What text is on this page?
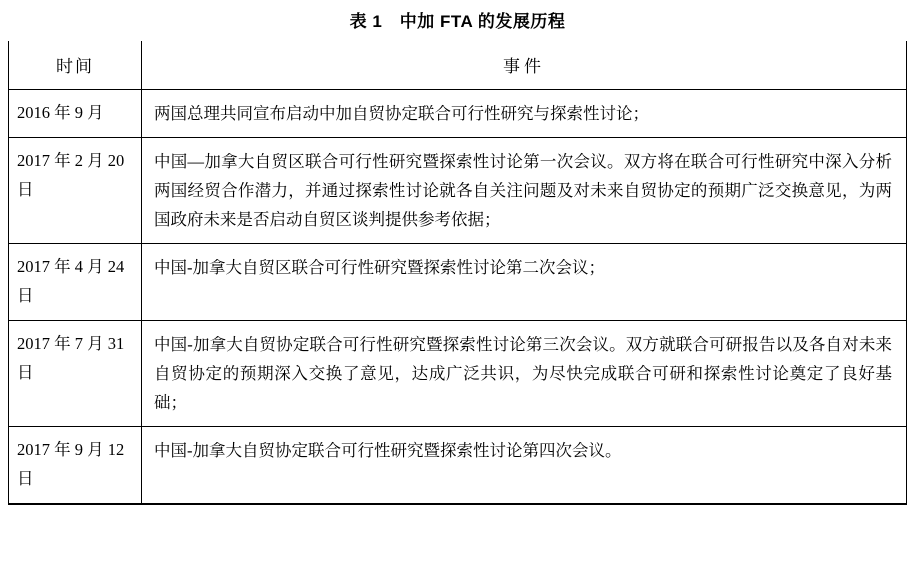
表 1　中加 FTA 的发展历程
时间	事件
2016 年 9 月	两国总理共同宣布启动中加自贸协定联合可行性研究与探索性讨论；
2017 年 2 月 20 日	中国—加拿大自贸区联合可行性研究暨探索性讨论第一次会议。双方将在联合可行性研究中深入分析两国经贸合作潜力，并通过探索性讨论就各自关注问题及对未来自贸协定的预期广泛交换意见，为两国政府未来是否启动自贸区谈判提供参考依据；
2017 年 4 月 24 日	中国-加拿大自贸区联合可行性研究暨探索性讨论第二次会议；
2017 年 7 月 31 日	中国-加拿大自贸协定联合可行性研究暨探索性讨论第三次会议。双方就联合可研报告以及各自对未来自贸协定的预期深入交换了意见，达成广泛共识，为尽快完成联合可研和探索性讨论奠定了良好基础；
2017 年 9 月 12 日	中国-加拿大自贸协定联合可行性研究暨探索性讨论第四次会议。
